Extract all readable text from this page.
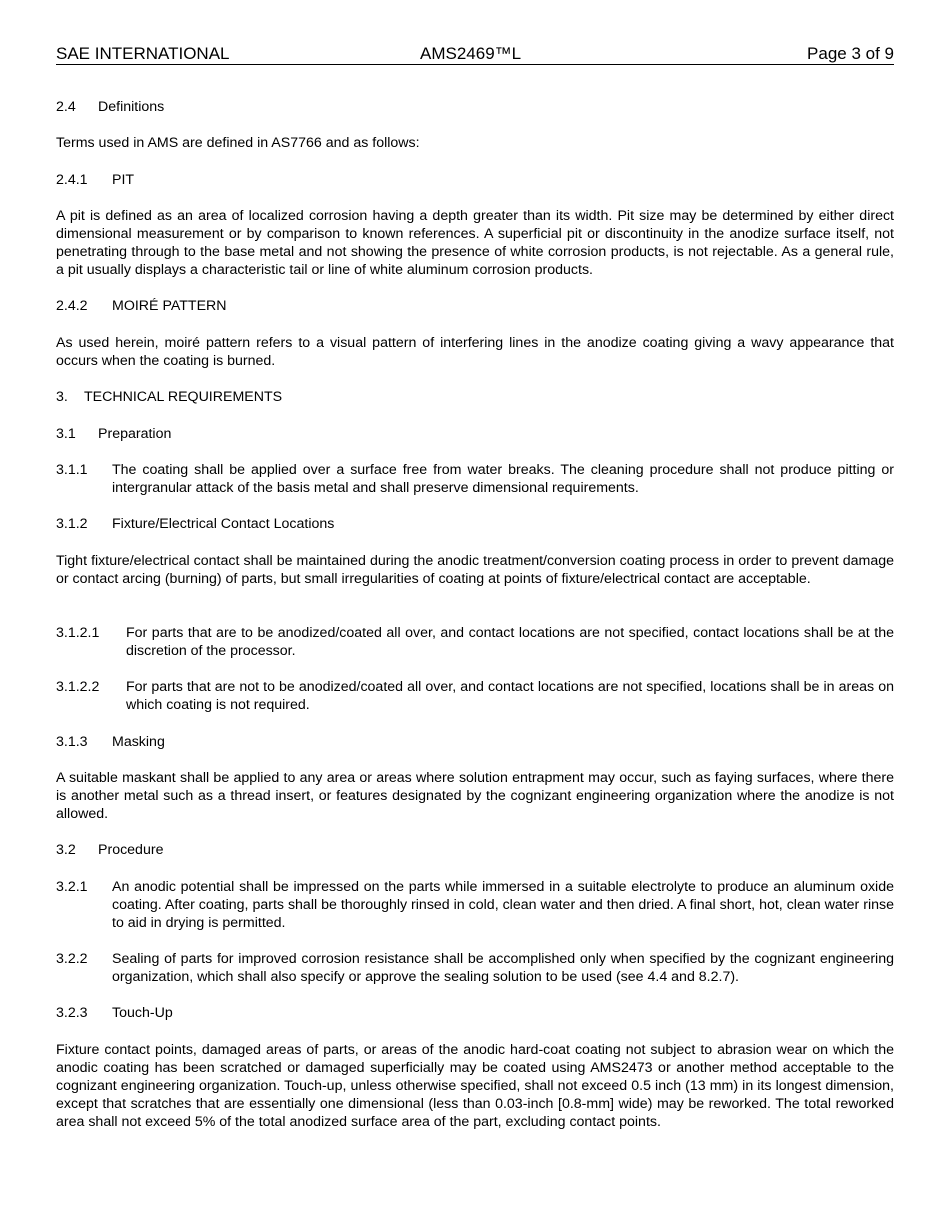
SAE INTERNATIONAL	AMS2469™L	Page 3 of 9
2.4 Definitions
Terms used in AMS are defined in AS7766 and as follows:
2.4.1 PIT
A pit is defined as an area of localized corrosion having a depth greater than its width. Pit size may be determined by either direct dimensional measurement or by comparison to known references. A superficial pit or discontinuity in the anodize surface itself, not penetrating through to the base metal and not showing the presence of white corrosion products, is not rejectable. As a general rule, a pit usually displays a characteristic tail or line of white aluminum corrosion products.
2.4.2 MOIRÉ PATTERN
As used herein, moiré pattern refers to a visual pattern of interfering lines in the anodize coating giving a wavy appearance that occurs when the coating is burned.
3. TECHNICAL REQUIREMENTS
3.1 Preparation
3.1.1 The coating shall be applied over a surface free from water breaks. The cleaning procedure shall not produce pitting or intergranular attack of the basis metal and shall preserve dimensional requirements.
3.1.2 Fixture/Electrical Contact Locations
Tight fixture/electrical contact shall be maintained during the anodic treatment/conversion coating process in order to prevent damage or contact arcing (burning) of parts, but small irregularities of coating at points of fixture/electrical contact are acceptable.
3.1.2.1 For parts that are to be anodized/coated all over, and contact locations are not specified, contact locations shall be at the discretion of the processor.
3.1.2.2 For parts that are not to be anodized/coated all over, and contact locations are not specified, locations shall be in areas on which coating is not required.
3.1.3 Masking
A suitable maskant shall be applied to any area or areas where solution entrapment may occur, such as faying surfaces, where there is another metal such as a thread insert, or features designated by the cognizant engineering organization where the anodize is not allowed.
3.2 Procedure
3.2.1 An anodic potential shall be impressed on the parts while immersed in a suitable electrolyte to produce an aluminum oxide coating. After coating, parts shall be thoroughly rinsed in cold, clean water and then dried. A final short, hot, clean water rinse to aid in drying is permitted.
3.2.2 Sealing of parts for improved corrosion resistance shall be accomplished only when specified by the cognizant engineering organization, which shall also specify or approve the sealing solution to be used (see 4.4 and 8.2.7).
3.2.3 Touch-Up
Fixture contact points, damaged areas of parts, or areas of the anodic hard-coat coating not subject to abrasion wear on which the anodic coating has been scratched or damaged superficially may be coated using AMS2473 or another method acceptable to the cognizant engineering organization. Touch-up, unless otherwise specified, shall not exceed 0.5 inch (13 mm) in its longest dimension, except that scratches that are essentially one dimensional (less than 0.03-inch [0.8-mm] wide) may be reworked. The total reworked area shall not exceed 5% of the total anodized surface area of the part, excluding contact points.
